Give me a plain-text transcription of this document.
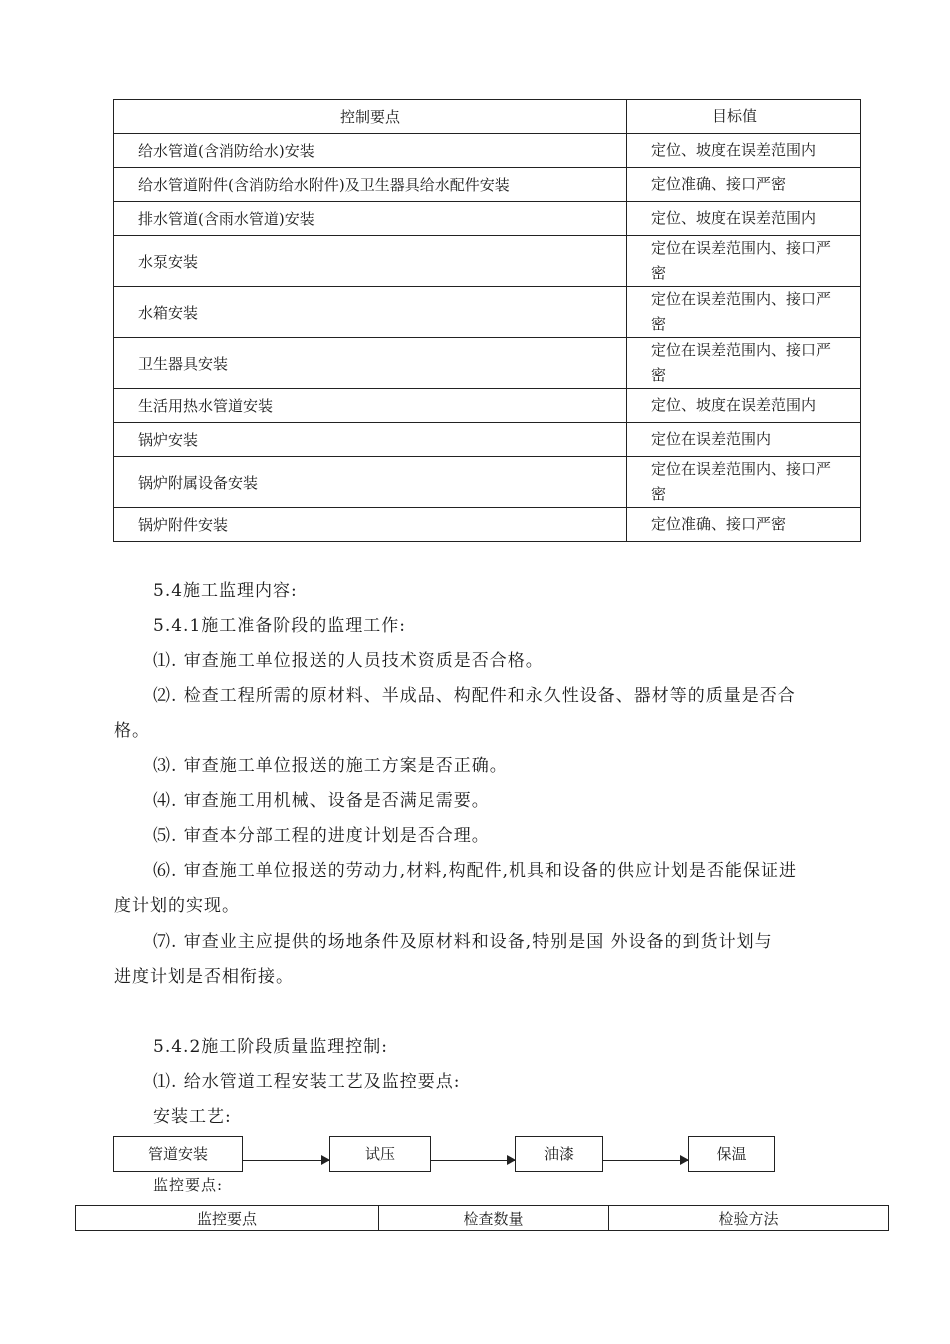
控制要点	目标值
给水管道(含消防给水)安装	定位、坡度在误差范围内
给水管道附件(含消防给水附件)及卫生器具给水配件安装	定位准确、接口严密
排水管道(含雨水管道)安装	定位、坡度在误差范围内
水泵安装	定位在误差范围内、接口严密
水箱安装	定位在误差范围内、接口严密
卫生器具安装	定位在误差范围内、接口严密
生活用热水管道安装	定位、坡度在误差范围内
锅炉安装	定位在误差范围内
锅炉附属设备安装	定位在误差范围内、接口严密
锅炉附件安装	定位准确、接口严密
5.4施工监理内容:
5.4.1施工准备阶段的监理工作:
⑴. 审查施工单位报送的人员技术资质是否合格。
⑵. 检查工程所需的原材料、半成品、构配件和永久性设备、器材等的质量是否合
格。
⑶. 审查施工单位报送的施工方案是否正确。
⑷. 审查施工用机械、设备是否满足需要。
⑸. 审查本分部工程的进度计划是否合理。
⑹. 审查施工单位报送的劳动力,材料,构配件,机具和设备的供应计划是否能保证进
度计划的实现。
⑺. 审查业主应提供的场地条件及原材料和设备,特别是国 外设备的到货计划与
进度计划是否相衔接。
5.4.2施工阶段质量监理控制:
⑴. 给水管道工程安装工艺及监控要点:
安装工艺:
管道安装	试压	油漆	保温
监控要点:
监控要点	检查数量	检验方法
